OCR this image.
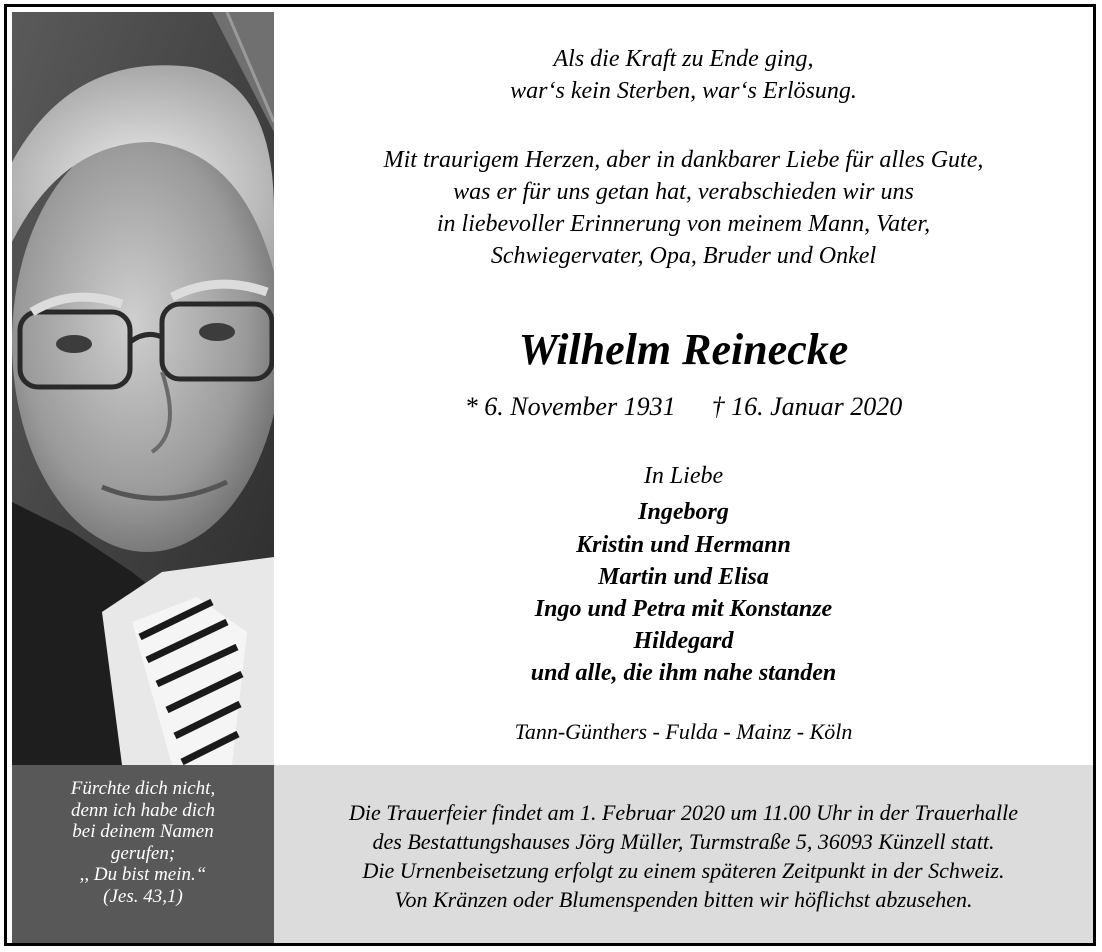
Fürchte dich nicht,
denn ich habe dich
bei deinem Namen
gerufen;
,, Du bist mein.“
(Jes. 43,1)
Als die Kraft zu Ende ging,
war‘s kein Sterben, war‘s Erlösung.
Mit traurigem Herzen, aber in dankbarer Liebe für alles Gute,
was er für uns getan hat, verabschieden wir uns
in liebevoller Erinnerung von meinem Mann, Vater,
Schwiegervater, Opa, Bruder und Onkel
Wilhelm Reinecke
* 6. November 1931 † 16. Januar 2020
In Liebe
Ingeborg
Kristin und Hermann
Martin und Elisa
Ingo und Petra mit Konstanze
Hildegard
und alle, die ihm nahe standen
Tann-Günthers - Fulda - Mainz - Köln
Die Trauerfeier findet am 1. Februar 2020 um 11.00 Uhr in der Trauerhalle
des Bestattungshauses Jörg Müller, Turmstraße 5, 36093 Künzell statt.
Die Urnenbeisetzung erfolgt zu einem späteren Zeitpunkt in der Schweiz.
Von Kränzen oder Blumenspenden bitten wir höflichst abzusehen.
